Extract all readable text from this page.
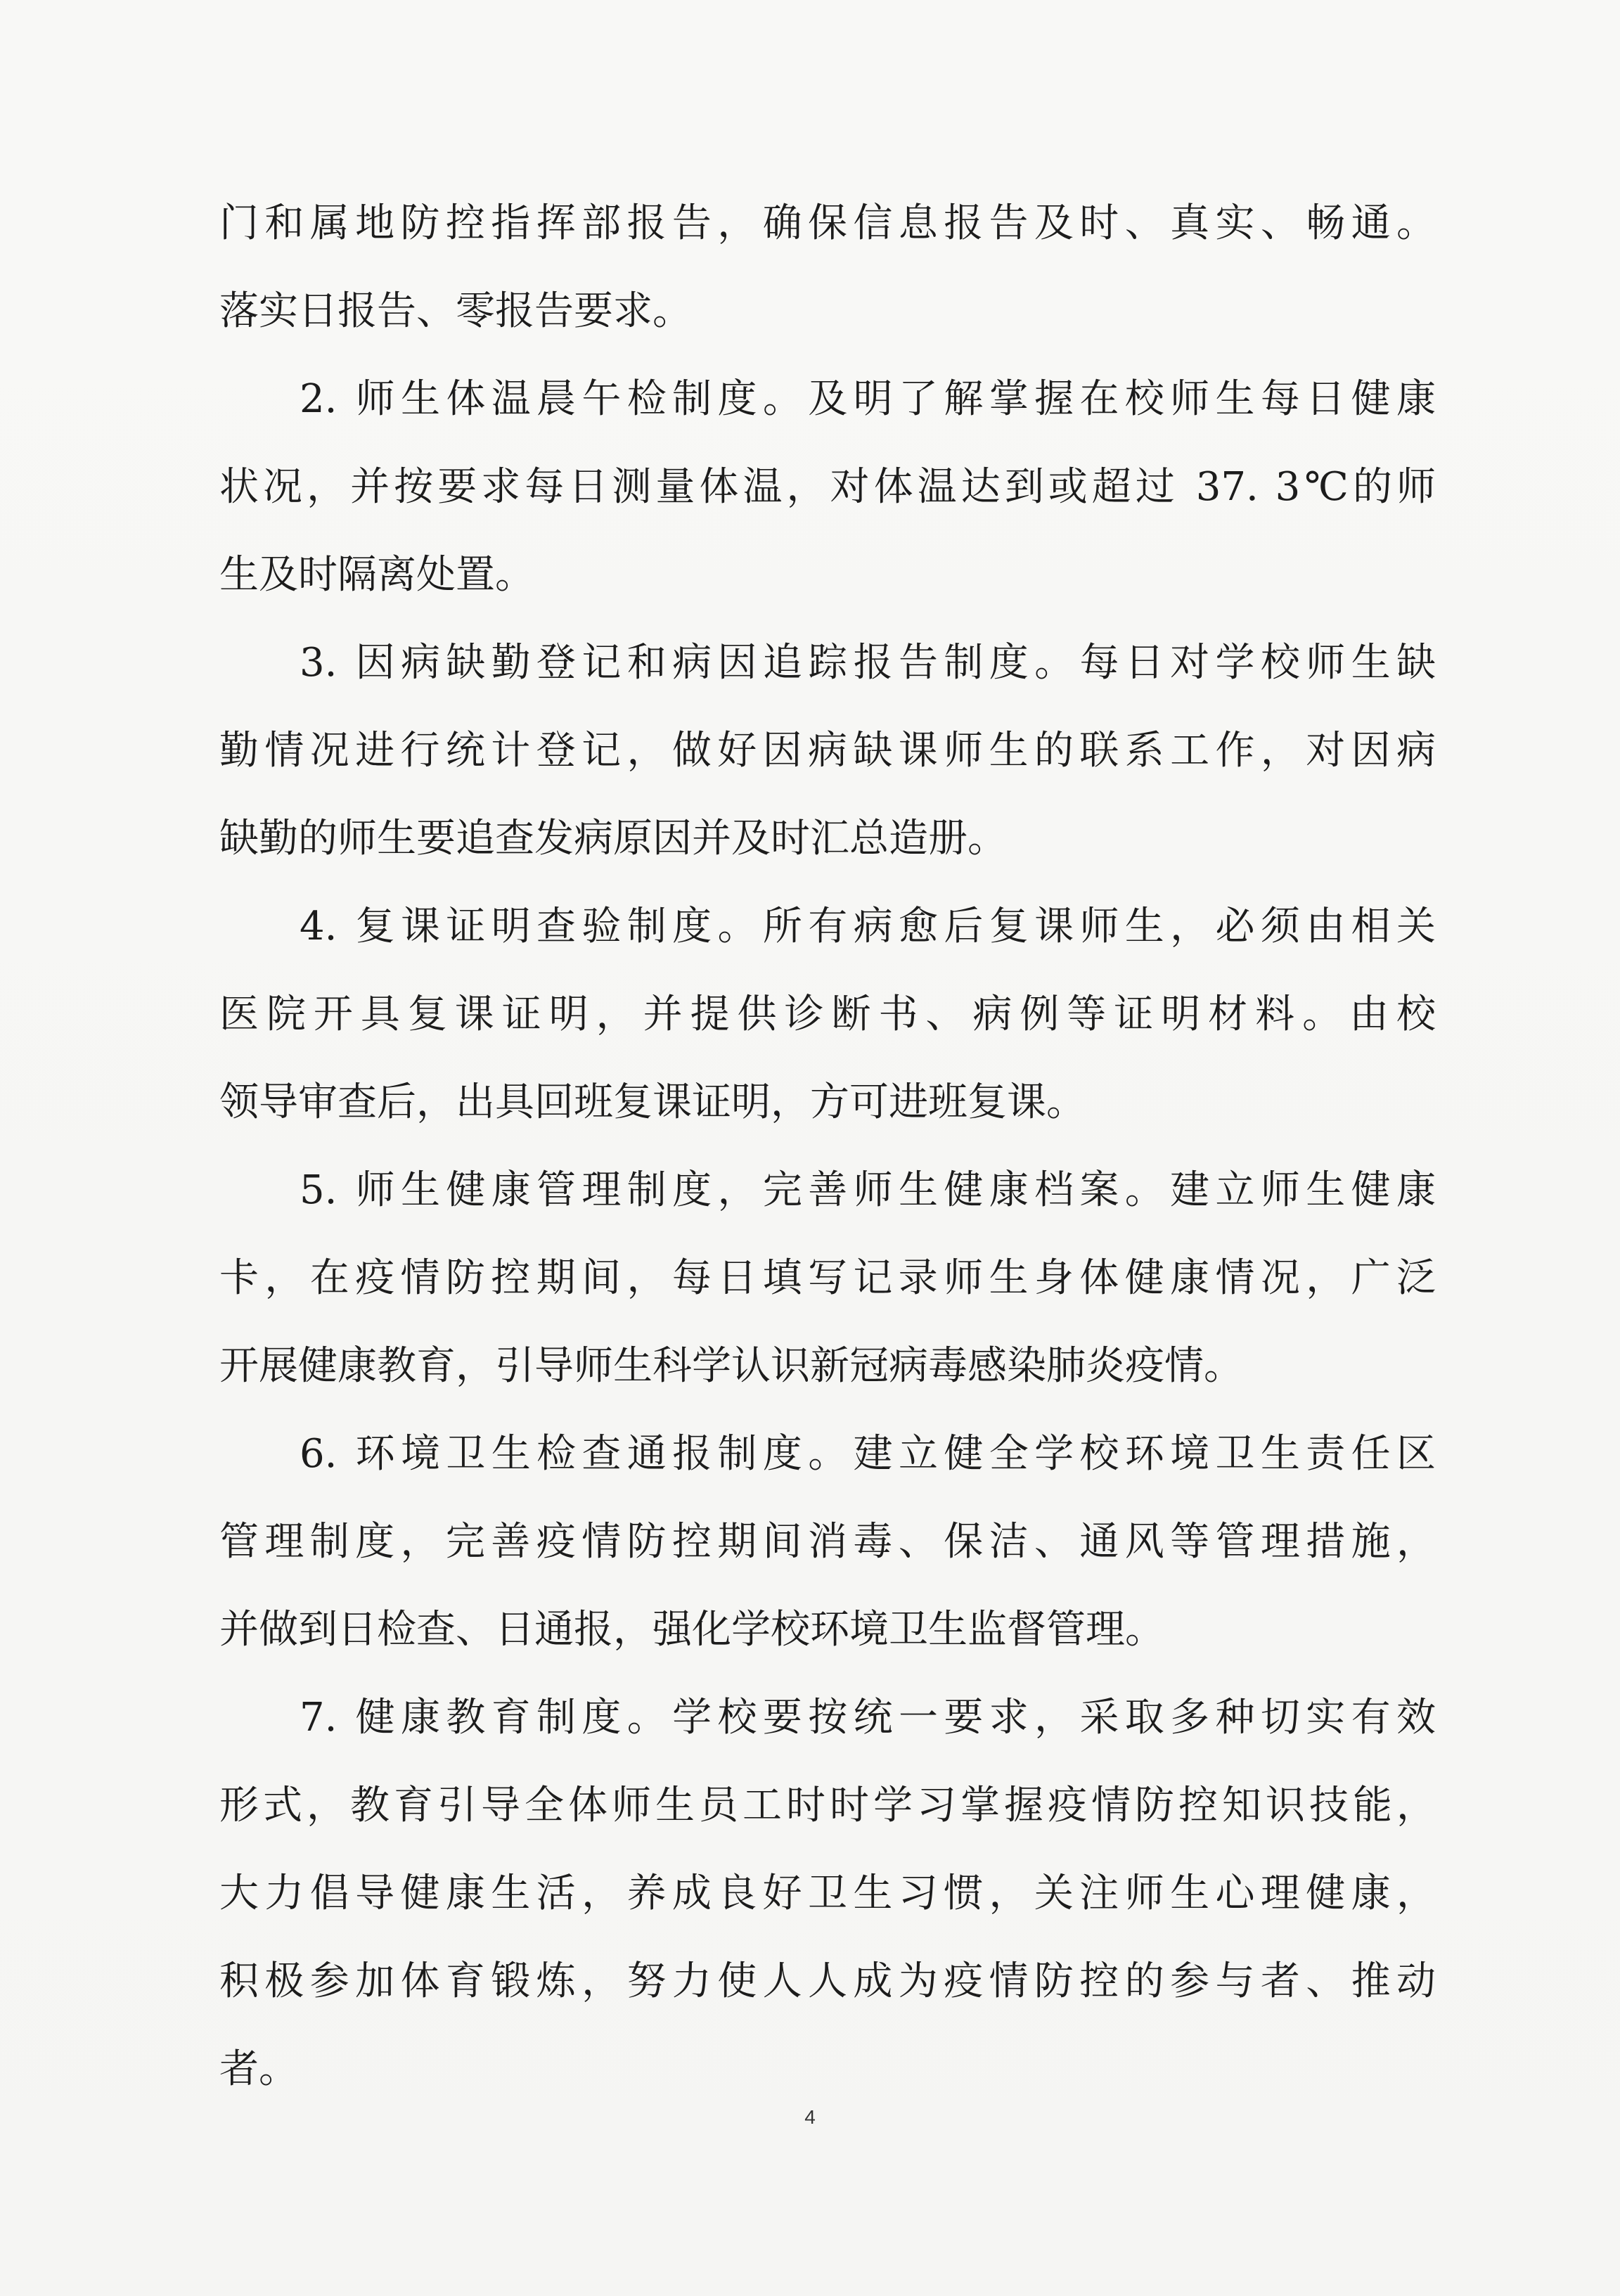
门和属地防控指挥部报告，确保信息报告及时、真实、畅通。
落实日报告、零报告要求。

2. 师生体温晨午检制度。及明了解掌握在校师生每日健康
状况，并按要求每日测量体温，对体温达到或超过 37. 3℃的师
生及时隔离处置。

3. 因病缺勤登记和病因追踪报告制度。每日对学校师生缺
勤情况进行统计登记，做好因病缺课师生的联系工作，对因病
缺勤的师生要追查发病原因并及时汇总造册。

4. 复课证明查验制度。所有病愈后复课师生，必须由相关
医院开具复课证明，并提供诊断书、病例等证明材料。由校
领导审查后，出具回班复课证明，方可进班复课。

5. 师生健康管理制度，完善师生健康档案。建立师生健康
卡，在疫情防控期间，每日填写记录师生身体健康情况，广泛
开展健康教育，引导师生科学认识新冠病毒感染肺炎疫情。

6. 环境卫生检查通报制度。建立健全学校环境卫生责任区
管理制度，完善疫情防控期间消毒、保洁、通风等管理措施，
并做到日检查、日通报，强化学校环境卫生监督管理。

7. 健康教育制度。学校要按统一要求，采取多种切实有效
形式，教育引导全体师生员工时时学习掌握疫情防控知识技能，
大力倡导健康生活，养成良好卫生习惯，关注师生心理健康，
积极参加体育锻炼，努力使人人成为疫情防控的参与者、推动
者。

4
